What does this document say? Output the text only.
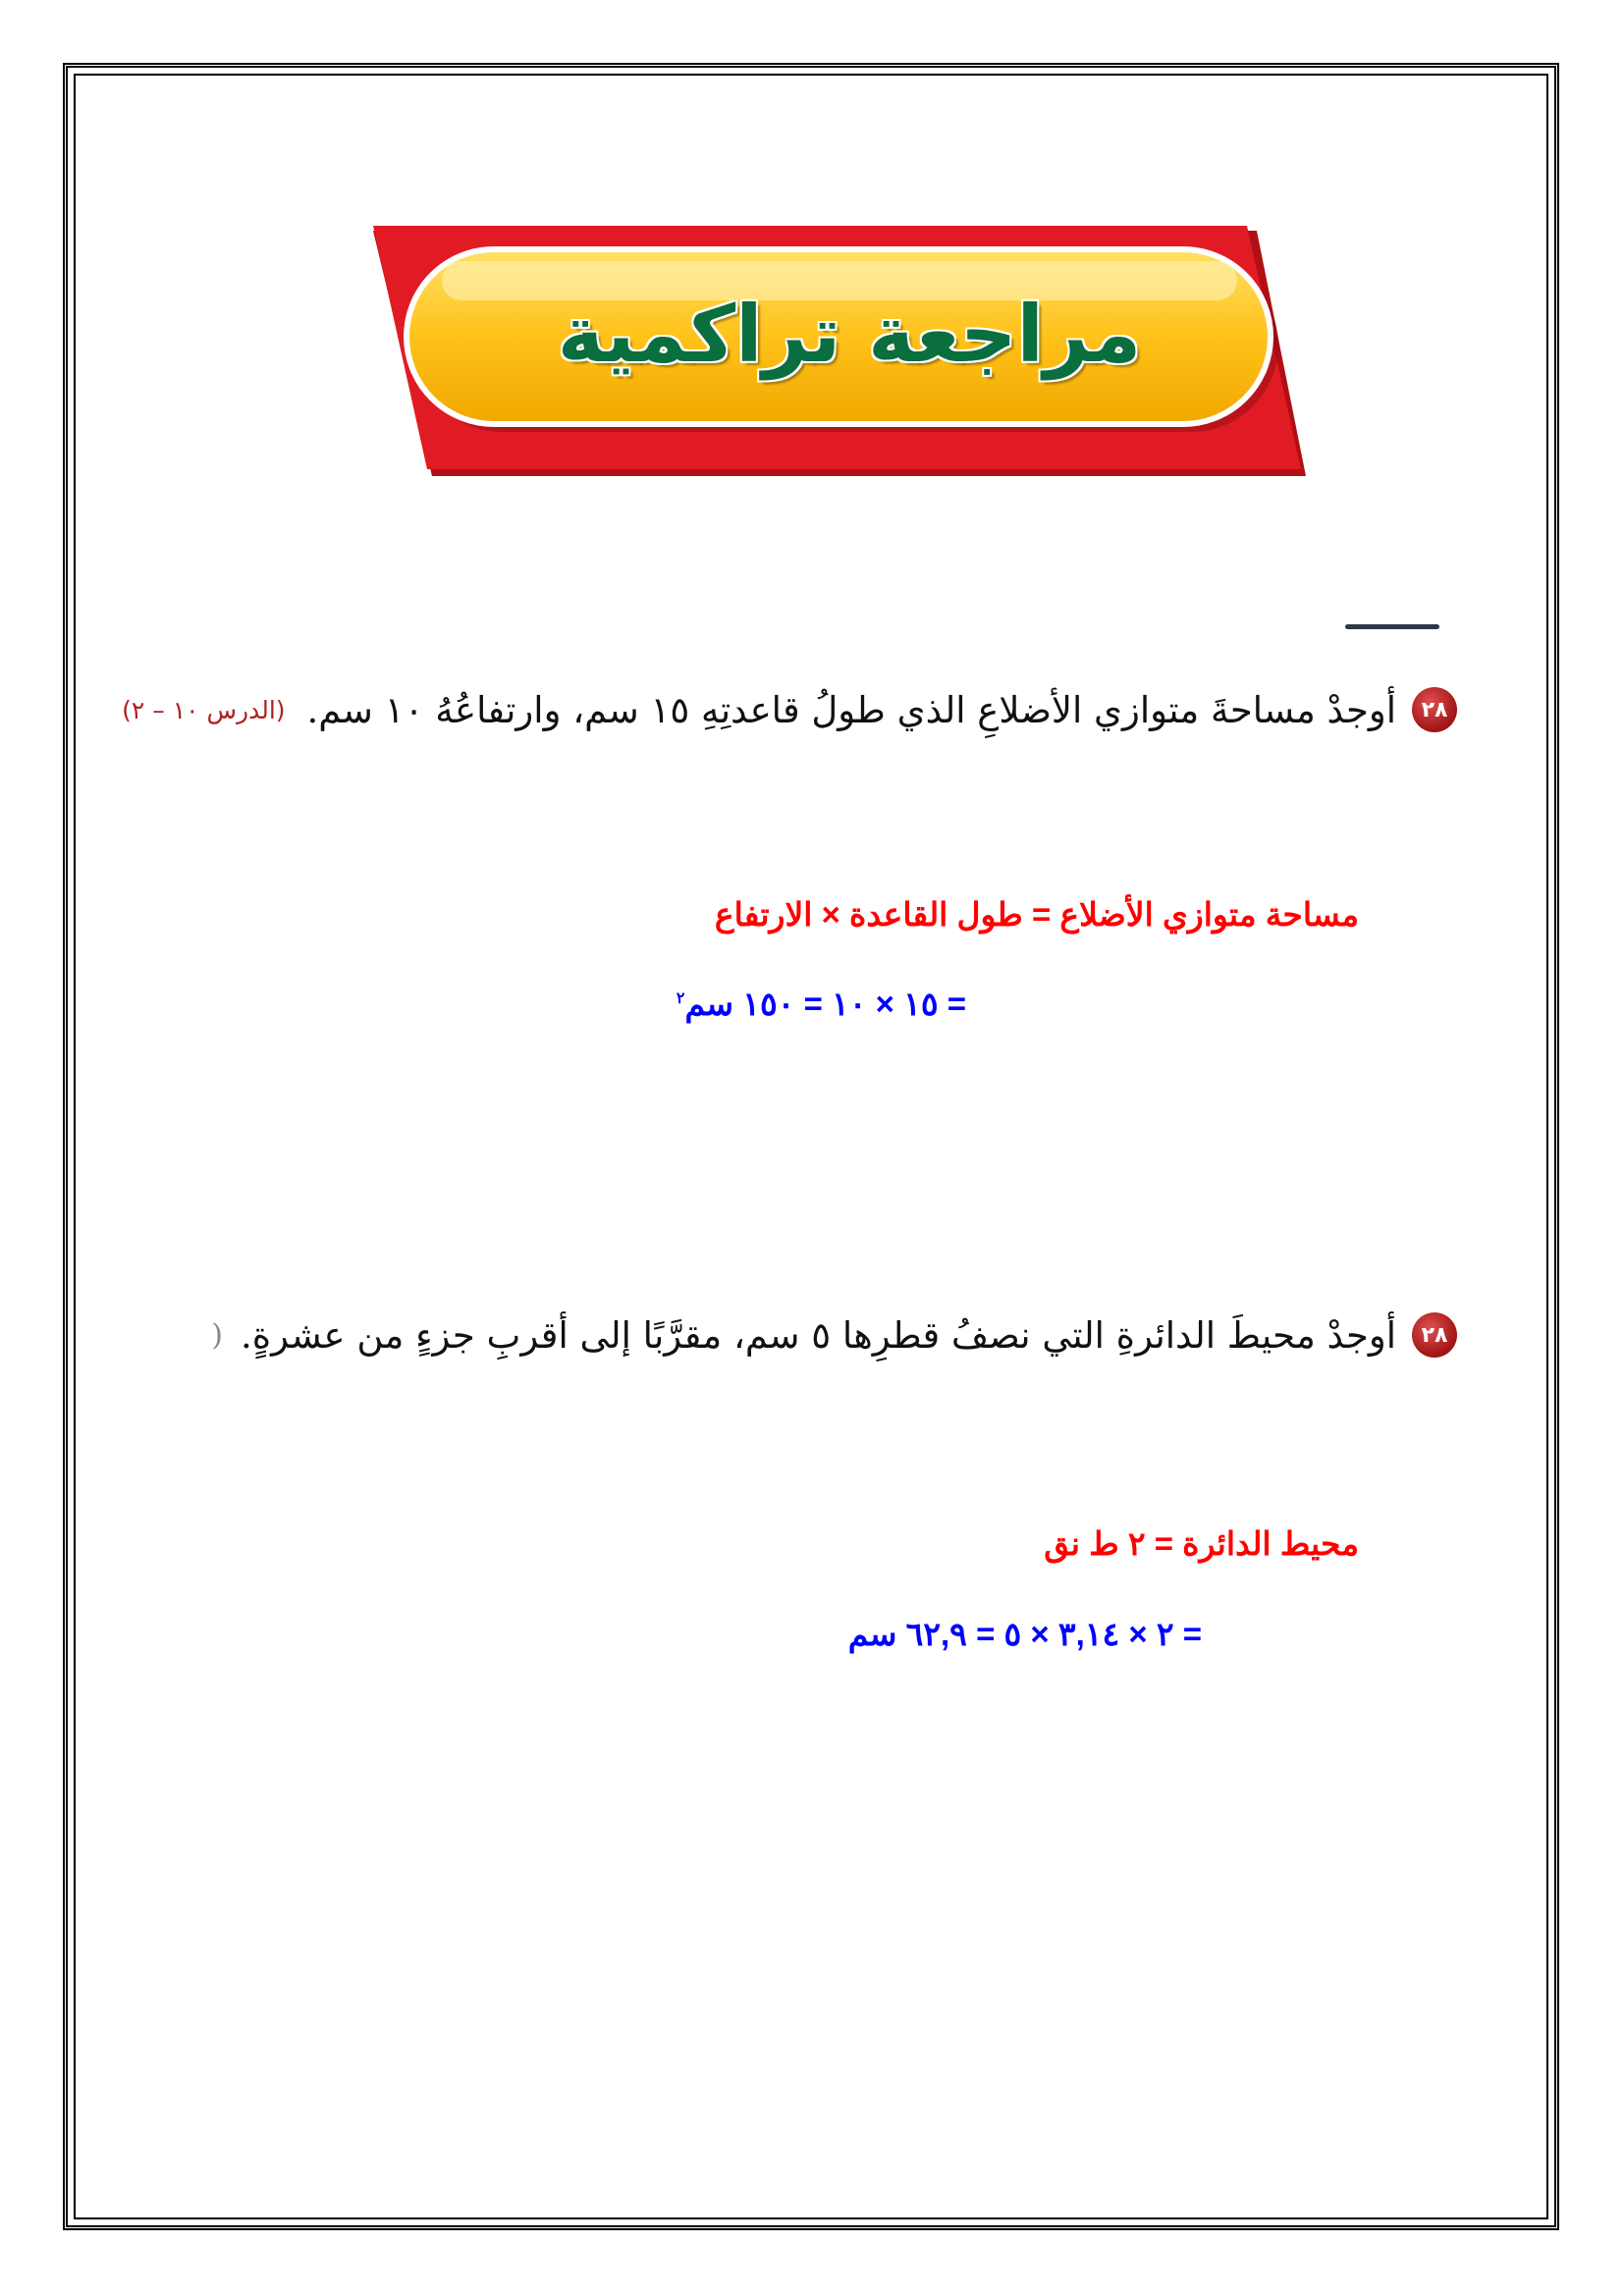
مراجعة تراكمية
٢٨
أوجدْ مساحةَ متوازي الأضلاعِ الذي طولُ قاعدتِهِ ١٥ سم، وارتفاعُهُ ١٠ سم.
(الدرس ١٠ – ٢)
مساحة متوازي الأضلاع = طول القاعدة × الارتفاع
= ١٥ × ١٠ = ١٥٠ سم$^٢$
٢٨
أوجدْ محيطَ الدائرةِ التي نصفُ قطرِها ٥ سم، مقرَّبًا إلى أقربِ جزءٍ من عشرةٍ.
(
محيط الدائرة = ٢ ط نق
= ٢ × ٣,١٤ × ٥ = ٦٢,٩ سم
